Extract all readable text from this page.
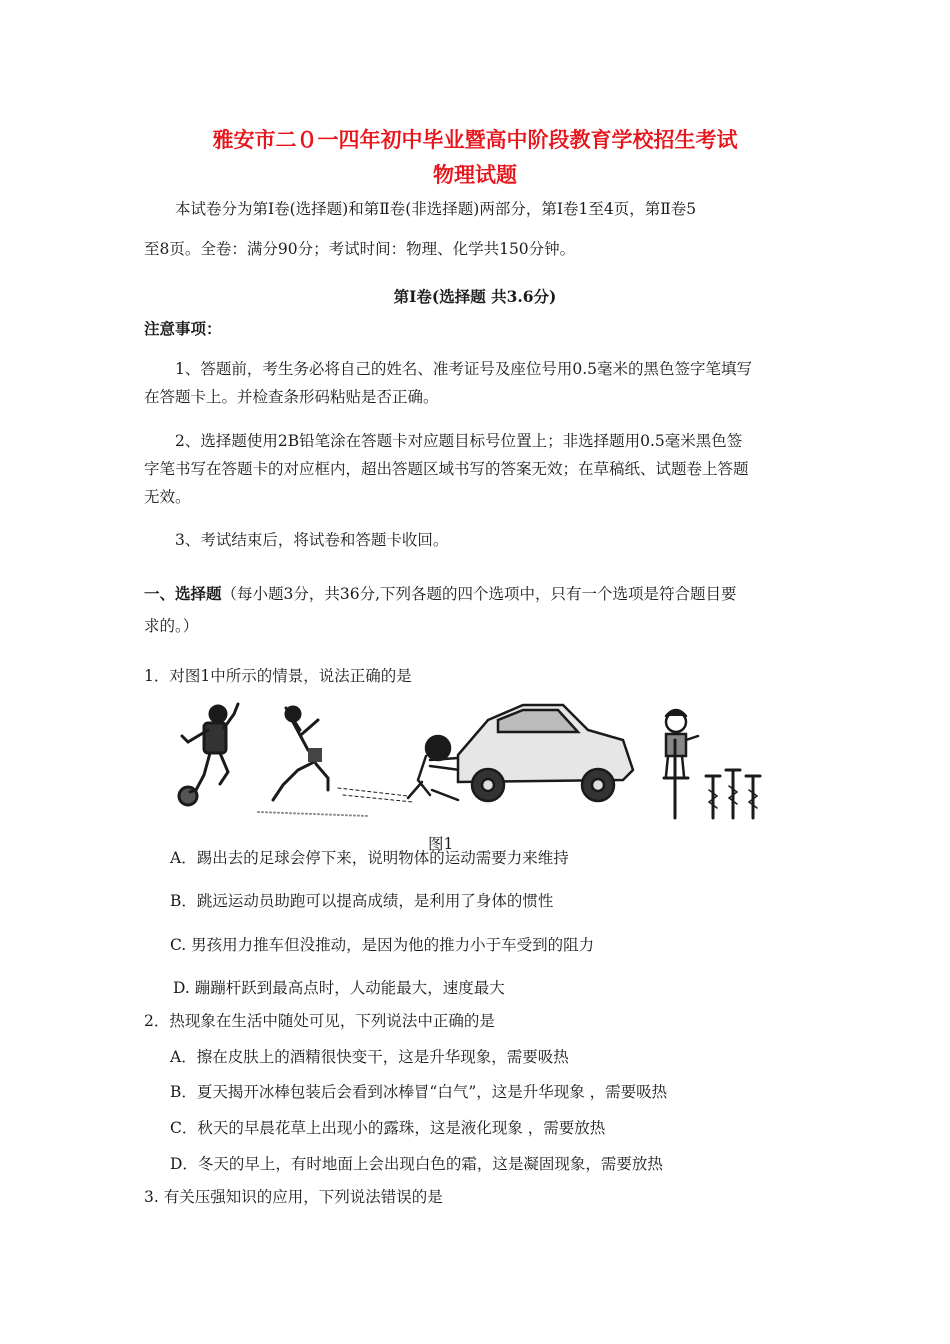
雅安市二０一四年初中毕业暨高中阶段教育学校招生考试
物理试题
本试卷分为第Ⅰ卷(选择题)和第Ⅱ卷(非选择题)两部分，第Ⅰ卷1至4页，第Ⅱ卷5
至8页。全卷：满分90分；考试时间：物理、化学共150分钟。
第Ⅰ卷(选择题 共3.6分)
注意事项：
1、答题前，考生务必将自己的姓名、准考证号及座位号用0.5毫米的黑色签字笔填写
在答题卡上。并检查条形码粘贴是否正确。
2、选择题使用2B铅笔涂在答题卡对应题目标号位置上；非选择题用0.5毫米黑色签
字笔书写在答题卡的对应框内，超出答题区域书写的答案无效；在草稿纸、试题卷上答题
无效。
3、考试结束后，将试卷和答题卡收回。
一、选择题（每小题3分，共36分,下列各题的四个选项中，只有一个选项是符合题目要
求的。）
1．对图1中所示的情景，说法正确的是
图1
A．踢出去的足球会停下来，说明物体的运动需要力来维持
B．跳远运动员助跑可以提高成绩，是利用了身体的惯性
C. 男孩用力推车但没推动，是因为他的推力小于车受到的阻力
D. 蹦蹦杆跃到最高点时，人动能最大，速度最大
2．热现象在生活中随处可见，下列说法中正确的是
A．擦在皮肤上的酒精很快变干，这是升华现象，需要吸热
B．夏天揭开冰棒包装后会看到冰棒冒“白气”，这是升华现象 ，需要吸热
C．秋天的早晨花草上出现小的露珠，这是液化现象 ，需要放热
D．冬天的早上，有时地面上会出现白色的霜，这是凝固现象，需要放热
3. 有关压强知识的应用，下列说法错误的是
